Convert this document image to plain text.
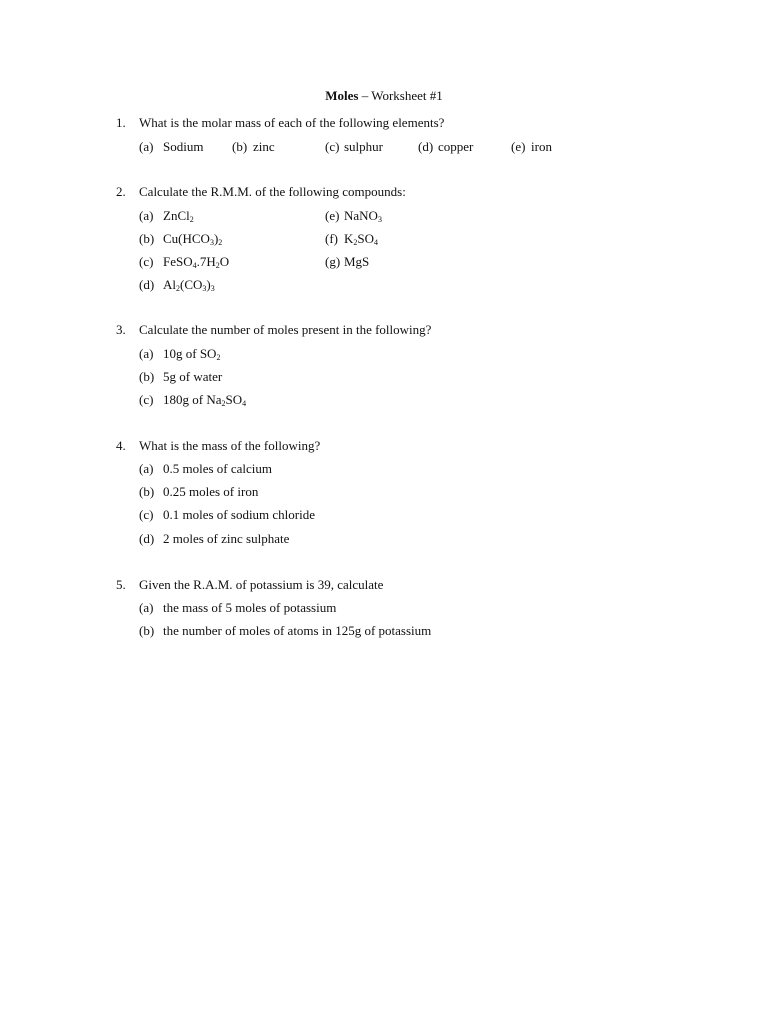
Moles – Worksheet #1
1. What is the molar mass of each of the following elements?
(a) Sodium (b) zinc	(c) sulphur	(d) copper	(e) iron
2. Calculate the R.M.M. of the following compounds:
(a) ZnCl$_2$	(e) NaNO$_3$
(b) $Cu(HCO_3)_2$	(f) $K_2SO_4$
(c) $FeSO_4.7H_2O$	(g) MgS
(d) $Al_2(CO_3)_3$
3. Calculate the number of moles present in the following?
(a) 10g of $SO_2$
(b) 5g of water
(c) 180g of $Na_2SO_4$
4. What is the mass of the following?
(a) 0.5 moles of calcium
(b) 0.25 moles of iron
(c) 0.1 moles of sodium chloride
(d) 2 moles of zinc sulphate
5. Given the R.A.M. of potassium is 39, calculate
(a) the mass of 5 moles of potassium
(b) the number of moles of atoms in 125g of potassium
